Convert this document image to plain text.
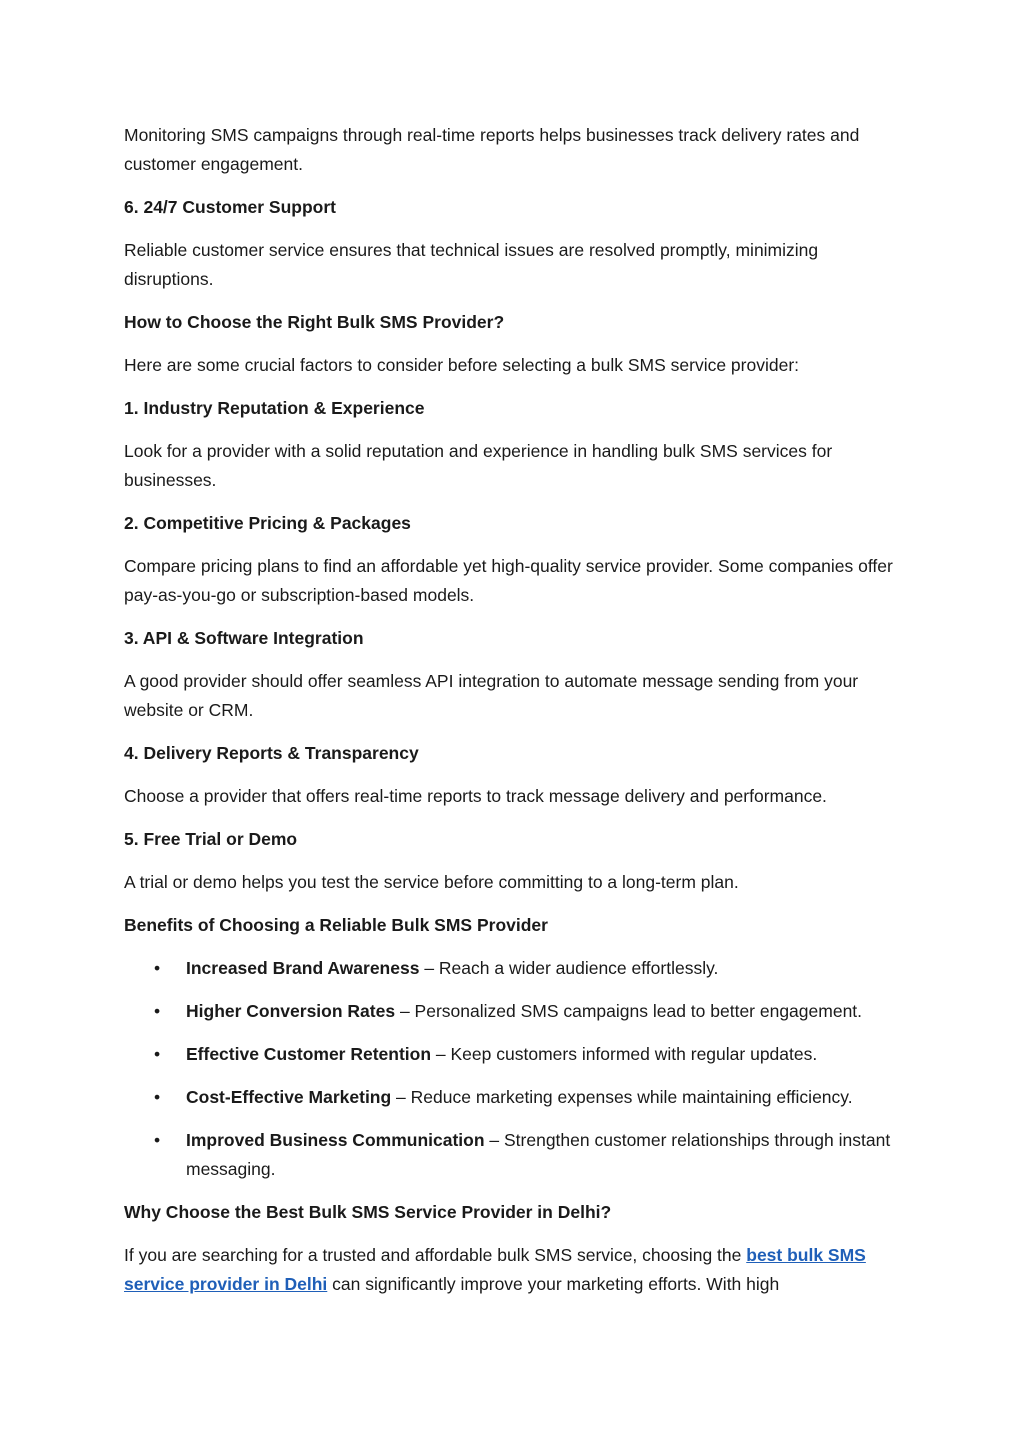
Monitoring SMS campaigns through real-time reports helps businesses track delivery rates and customer engagement.

6. 24/7 Customer Support

Reliable customer service ensures that technical issues are resolved promptly, minimizing disruptions.

How to Choose the Right Bulk SMS Provider?

Here are some crucial factors to consider before selecting a bulk SMS service provider:

1. Industry Reputation & Experience

Look for a provider with a solid reputation and experience in handling bulk SMS services for businesses.

2. Competitive Pricing & Packages

Compare pricing plans to find an affordable yet high-quality service provider. Some companies offer pay-as-you-go or subscription-based models.

3. API & Software Integration

A good provider should offer seamless API integration to automate message sending from your website or CRM.

4. Delivery Reports & Transparency

Choose a provider that offers real-time reports to track message delivery and performance.

5. Free Trial or Demo

A trial or demo helps you test the service before committing to a long-term plan.

Benefits of Choosing a Reliable Bulk SMS Provider

• Increased Brand Awareness – Reach a wider audience effortlessly.
• Higher Conversion Rates – Personalized SMS campaigns lead to better engagement.
• Effective Customer Retention – Keep customers informed with regular updates.
• Cost-Effective Marketing – Reduce marketing expenses while maintaining efficiency.
• Improved Business Communication – Strengthen customer relationships through instant messaging.

Why Choose the Best Bulk SMS Service Provider in Delhi?

If you are searching for a trusted and affordable bulk SMS service, choosing the best bulk SMS service provider in Delhi can significantly improve your marketing efforts. With high
